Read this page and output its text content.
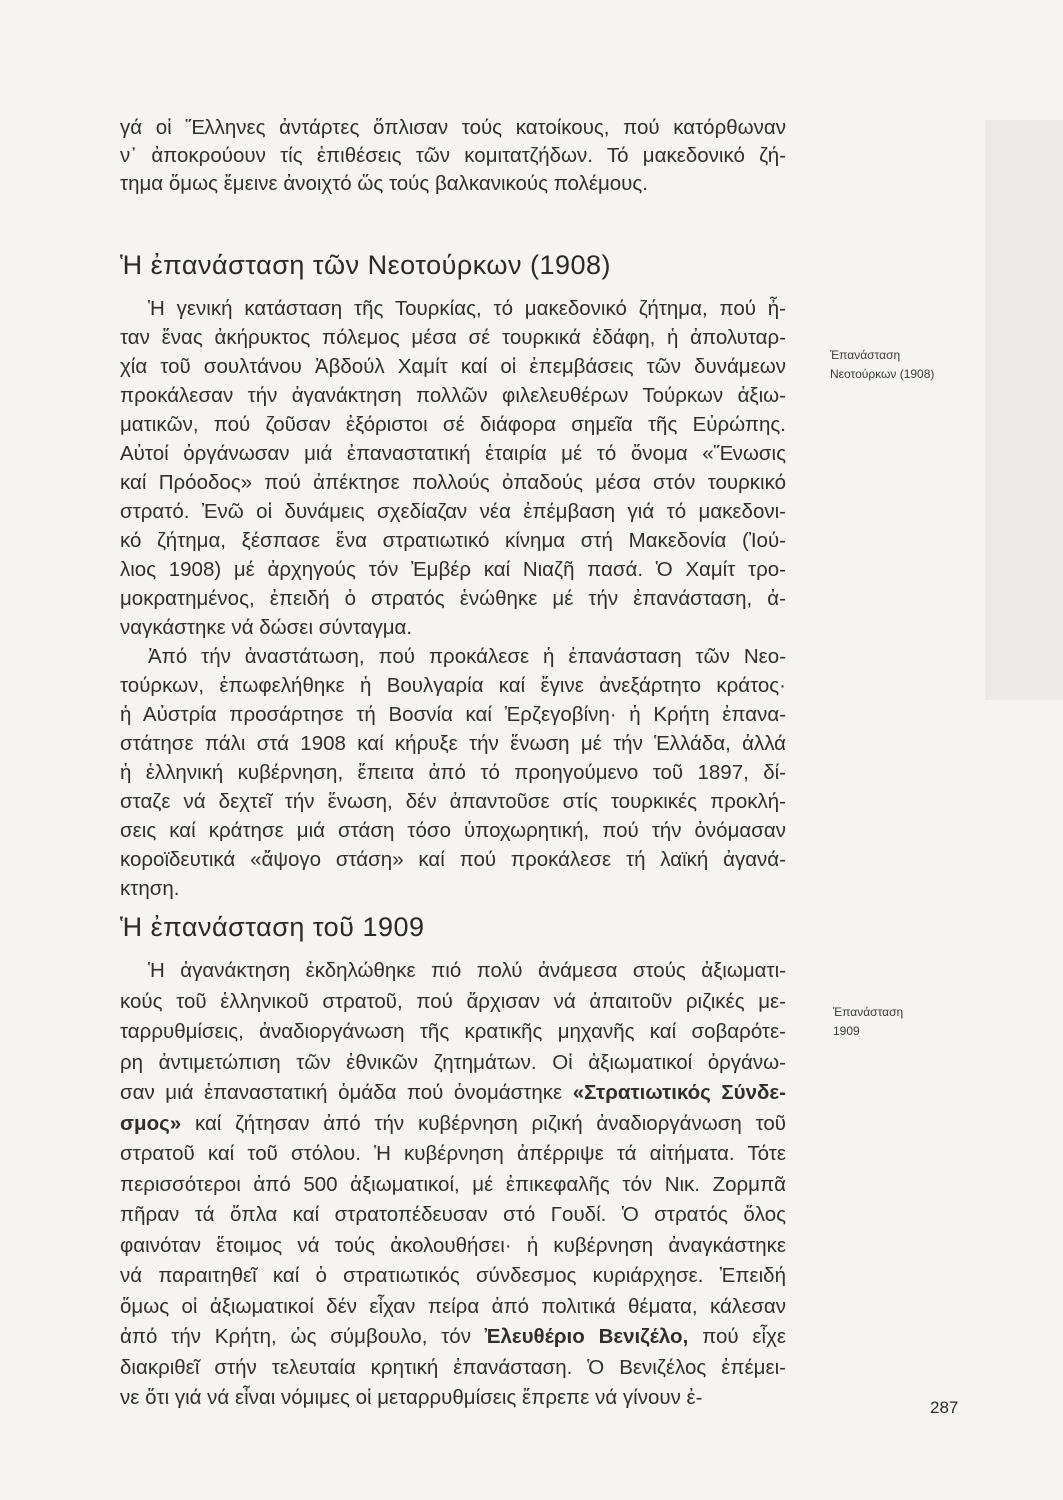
γά οἱ Ἕλληνες ἀντάρτες ὅπλισαν τούς κατοίκους, πού κατόρθωναν
ν᾿ ἀποκρούουν τίς ἐπιθέσεις τῶν κομιτατζήδων. Τό μακεδονικό ζή-
τημα ὅμως ἔμεινε ἀνοιχτό ὥς τούς βαλκανικούς πολέμους.
Ἡ ἐπανάσταση τῶν Νεοτούρκων (1908)
Ἡ γενική κατάσταση τῆς Τουρκίας, τό μακεδονικό ζήτημα, πού ἦ-
ταν ἕνας ἀκήρυκτος πόλεμος μέσα σέ τουρκικά ἐδάφη, ἡ ἀπολυταρ-
χία τοῦ σουλτάνου Ἀβδούλ Χαμίτ καί οἱ ἐπεμβάσεις τῶν δυνάμεων
προκάλεσαν τήν ἀγανάκτηση πολλῶν φιλελευθέρων Τούρκων ἀξιω-
ματικῶν, πού ζοῦσαν ἐξόριστοι σέ διάφορα σημεῖα τῆς Εὐρώπης.
Αὐτοί ὀργάνωσαν μιά ἐπαναστατική ἑταιρία μέ τό ὄνομα «Ἕνωσις
καί Πρόοδος» πού ἀπέκτησε πολλούς ὀπαδούς μέσα στόν τουρκικό
στρατό. Ἐνῶ οἱ δυνάμεις σχεδίαζαν νέα ἐπέμβαση γιά τό μακεδονι-
κό ζήτημα, ξέσπασε ἕνα στρατιωτικό κίνημα στή Μακεδονία (Ἰού-
λιος 1908) μέ ἀρχηγούς τόν Ἐμβέρ καί Νιαζῆ πασά. Ὁ Χαμίτ τρο-
μοκρατημένος, ἐπειδή ὁ στρατός ἑνώθηκε μέ τήν ἐπανάσταση, ἀ-
ναγκάστηκε νά δώσει σύνταγμα.
Ἀπό τήν ἀναστάτωση, πού προκάλεσε ἡ ἐπανάσταση τῶν Νεο-
τούρκων, ἐπωφελήθηκε ἡ Βουλγαρία καί ἔγινε ἀνεξάρτητο κράτος·
ἡ Αὐστρία προσάρτησε τή Βοσνία καί Ἐρζεγοβίνη· ἡ Κρήτη ἐπανα-
στάτησε πάλι στά 1908 καί κήρυξε τήν ἕνωση μέ τήν Ἑλλάδα, ἀλλά
ἡ ἑλληνική κυβέρνηση, ἔπειτα ἀπό τό προηγούμενο τοῦ 1897, δί-
σταζε νά δεχτεῖ τήν ἕνωση, δέν ἀπαντοῦσε στίς τουρκικές προκλή-
σεις καί κράτησε μιά στάση τόσο ὑποχωρητική, πού τήν ὀνόμασαν
κοροϊδευτικά «ἄψογο στάση» καί πού προκάλεσε τή λαϊκή ἀγανά-
κτηση.
Ἐπανάσταση
Νεοτούρκων (1908)
Ἡ ἐπανάσταση τοῦ 1909
Ἡ ἀγανάκτηση ἐκδηλώθηκε πιό πολύ ἀνάμεσα στούς ἀξιωματι-
κούς τοῦ ἑλληνικοῦ στρατοῦ, πού ἄρχισαν νά ἀπαιτοῦν ριζικές με-
ταρρυθμίσεις, ἀναδιοργάνωση τῆς κρατικῆς μηχανῆς καί σοβαρότε-
ρη ἀντιμετώπιση τῶν ἐθνικῶν ζητημάτων. Οἱ ἀξιωματικοί ὀργάνω-
σαν μιά ἐπαναστατική ὁμάδα πού ὀνομάστηκε «Στρατιωτικός Σύνδε-
σμος» καί ζήτησαν ἀπό τήν κυβέρνηση ριζική ἀναδιοργάνωση τοῦ
στρατοῦ καί τοῦ στόλου. Ἡ κυβέρνηση ἀπέρριψε τά αἰτήματα. Τότε
περισσότεροι ἀπό 500 ἀξιωματικοί, μέ ἐπικεφαλῆς τόν Νικ. Ζορμπᾶ
πῆραν τά ὅπλα καί στρατοπέδευσαν στό Γουδί. Ὁ στρατός ὅλος
φαινόταν ἕτοιμος νά τούς ἀκολουθήσει· ἡ κυβέρνηση ἀναγκάστηκε
νά παραιτηθεῖ καί ὁ στρατιωτικός σύνδεσμος κυριάρχησε. Ἐπειδή
ὅμως οἱ ἀξιωματικοί δέν εἶχαν πείρα ἀπό πολιτικά θέματα, κάλεσαν
ἀπό τήν Κρήτη, ὡς σύμβουλο, τόν Ἐλευθέριο Βενιζέλο, πού εἶχε
διακριθεῖ στήν τελευταία κρητική ἐπανάσταση. Ὁ Βενιζέλος ἐπέμει-
νε ὅτι γιά νά εἶναι νόμιμες οἱ μεταρρυθμίσεις ἔπρεπε νά γίνουν ἐ-
Ἐπανάσταση
1909
287
